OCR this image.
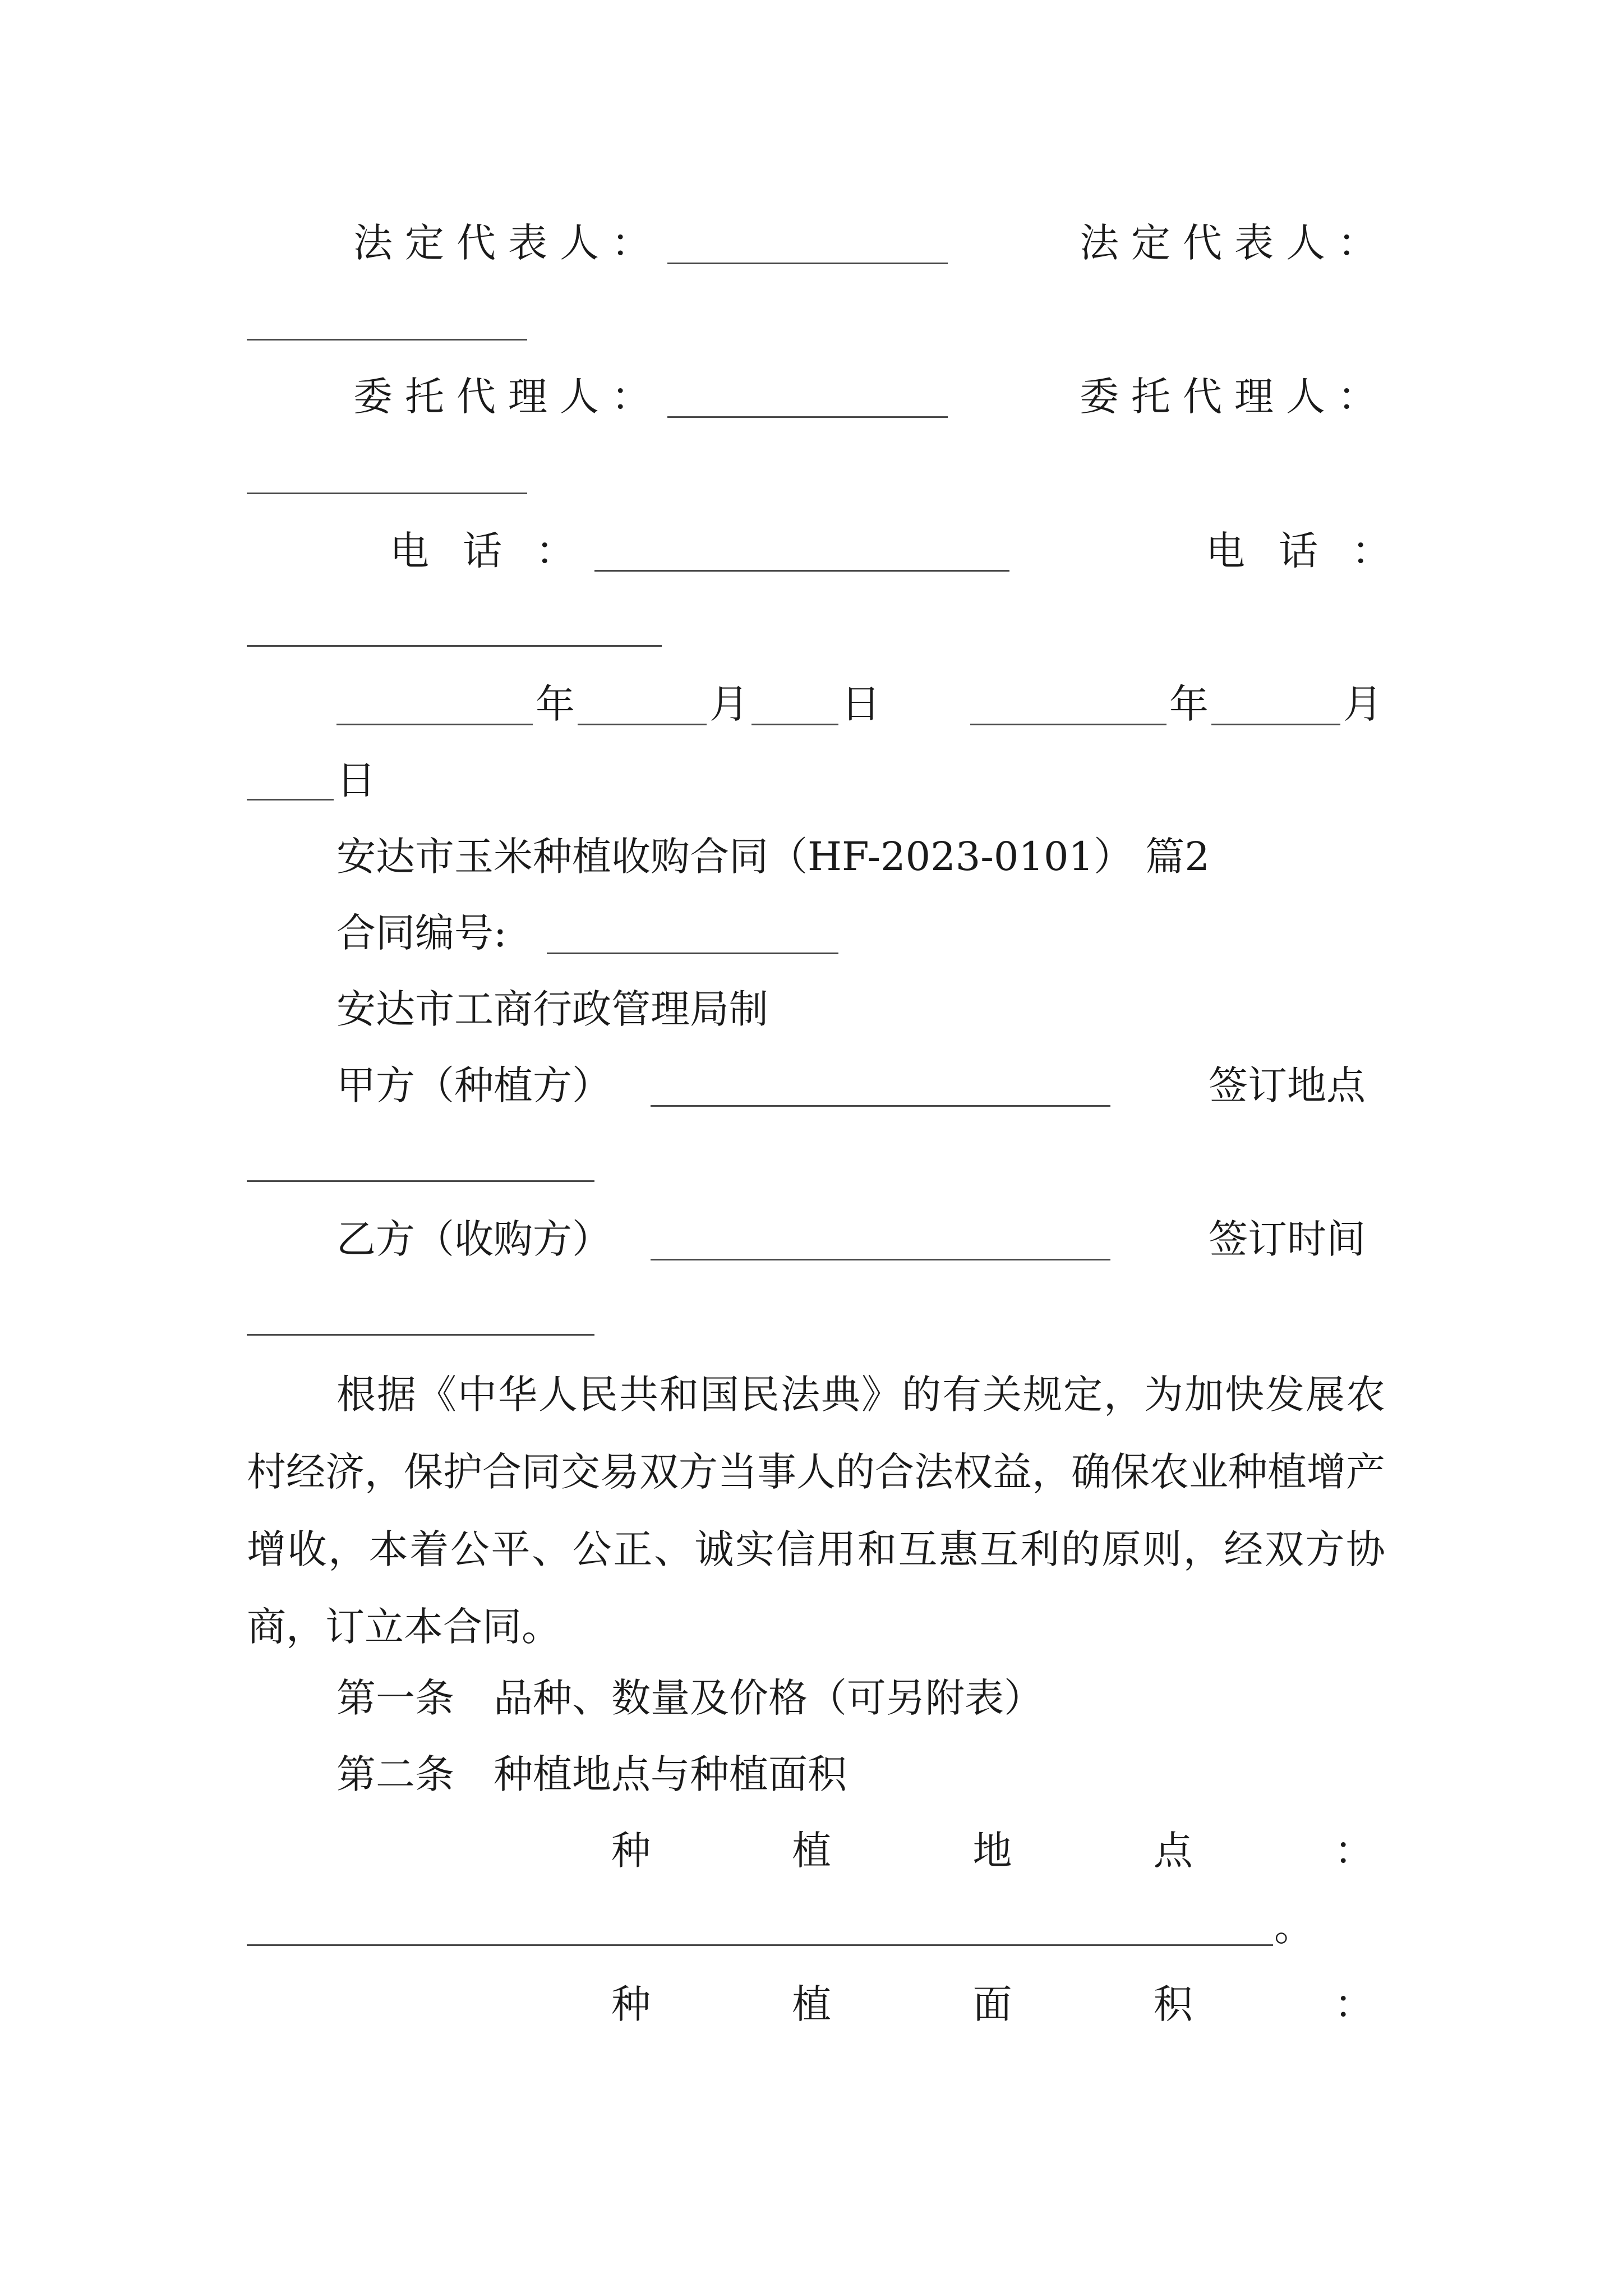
法定代表人：	法定代表人：
委托代理人：	委托代理人：
电话：	电话：
年	月 日	年	月
日
安达市玉米种植收购合同（HF-2023-0101） 篇2
合同编号:
安达市工商行政管理局制
甲方（种植方）	签订地点
乙方（收购方）	签订时间
根据《中华人民共和国民法典》的有关规定，为加快发展农村经济，保护合同交易双方当事人的合法权益，确保农业种植增产增收，本着公平、公正、诚实信用和互惠互利的原则，经双方协商，订立本合同。
第一条　品种、数量及价格（可另附表）
第二条　种植地点与种植面积
种	植	地	点	：
。
种	植	面	积	：
